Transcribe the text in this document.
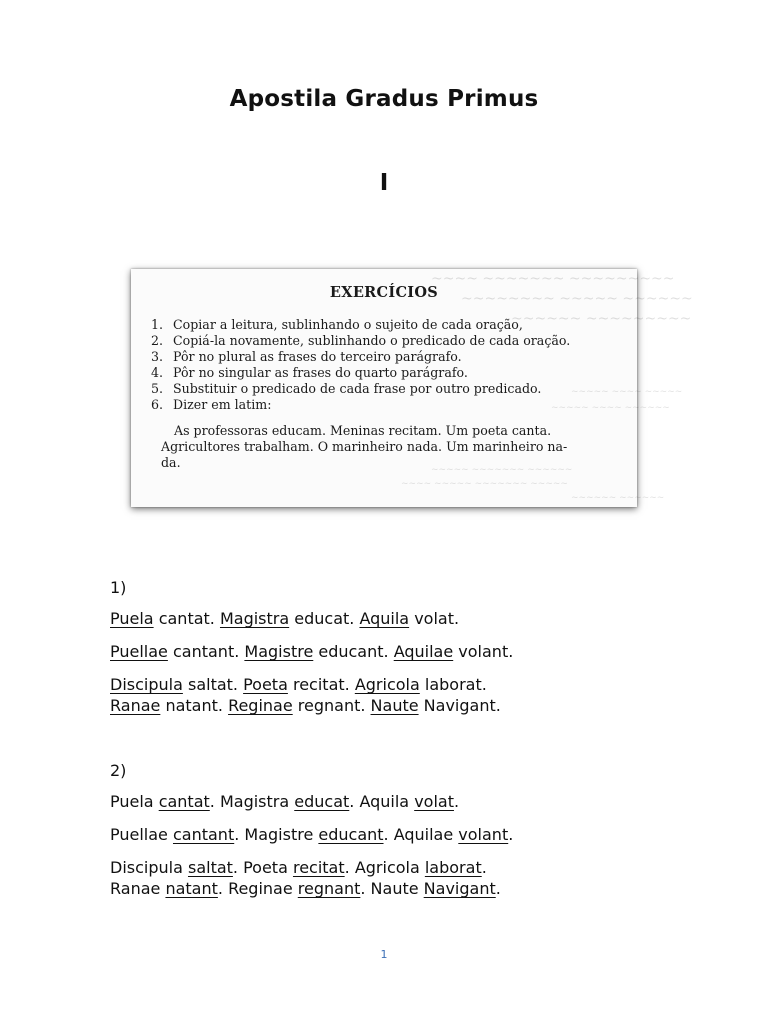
Apostila Gradus Primus
I
~~~~ ~~~~~~~ ~~~~~~~~~
~~~~~~~~ ~~~~~ ~~~~~~
~~~~~~ ~~~~~~~~~
~~~~~ ~~~~ ~~~~~
~~~~~ ~~~~ ~~~~~~
~~~~~ ~~~~~~~ ~~~~~~
~~~~ ~~~~~ ~~~~~~~ ~~~~~
~~~~~~ ~~~~~~
EXERCÍCIOS
1. Copiar a leitura, sublinhando o sujeito de cada oração,
2. Copiá-la novamente, sublinhando o predicado de cada oração.
3. Pôr no plural as frases do terceiro parágrafo.
4. Pôr no singular as frases do quarto parágrafo.
5. Substituir o predicado de cada frase por outro predicado.
6. Dizer em latim:
As professoras educam. Meninas recitam. Um poeta canta.
Agricultores trabalham. O marinheiro nada. Um marinheiro na-
da.
1)
Puela cantat. Magistra educat. Aquila volat.
Puellae cantant. Magistre educant. Aquilae volant.
Discipula saltat. Poeta recitat. Agricola laborat.
Ranae natant. Reginae regnant. Naute Navigant.
2)
Puela cantat. Magistra educat. Aquila volat.
Puellae cantant. Magistre educant. Aquilae volant.
Discipula saltat. Poeta recitat. Agricola laborat.
Ranae natant. Reginae regnant. Naute Navigant.
1
